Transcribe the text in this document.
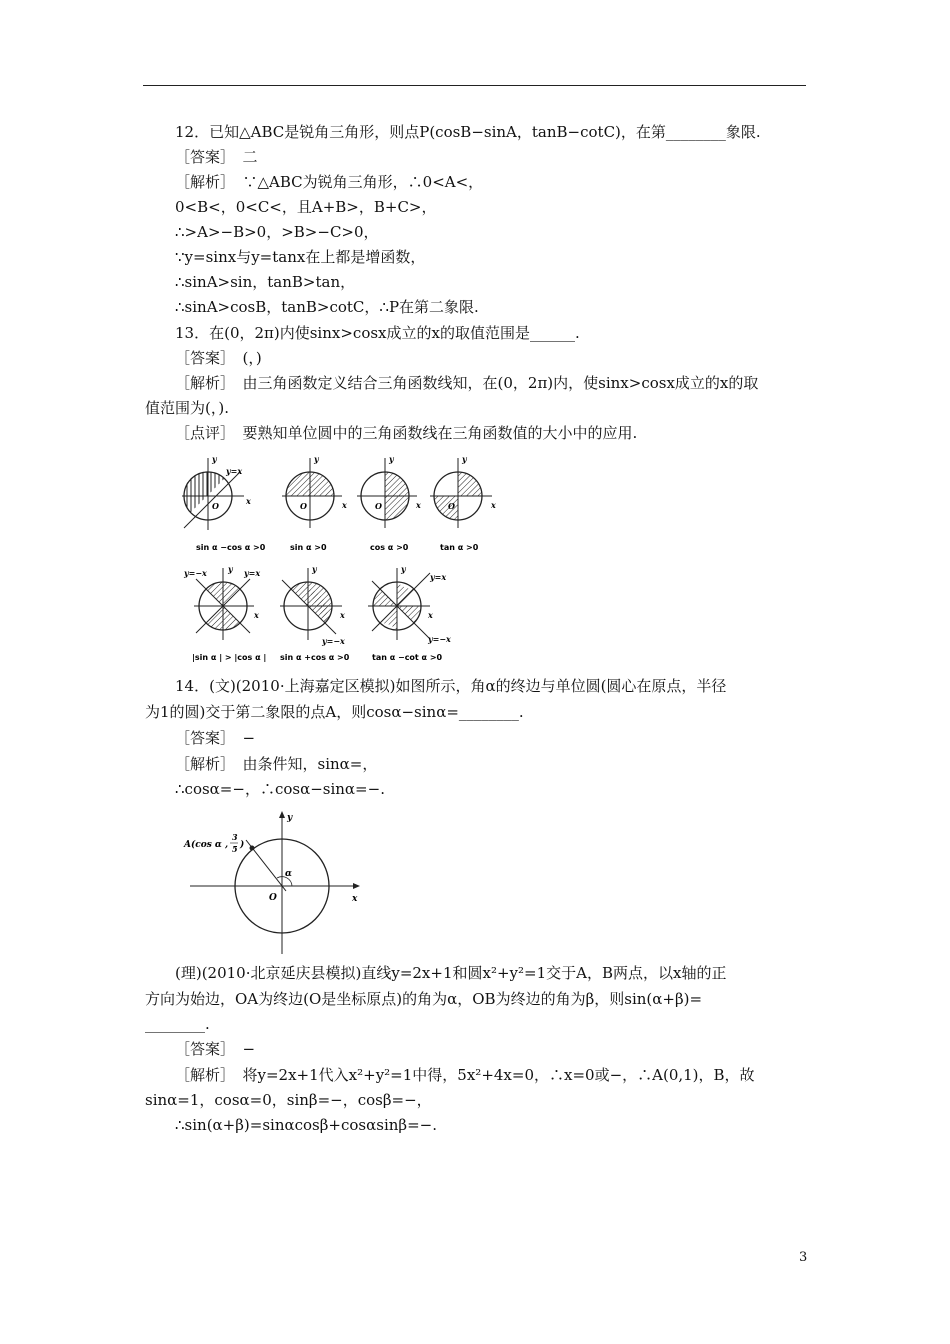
12．已知△ABC是锐角三角形，则点P(cosB−sinA，tanB−cotC)，在第________象限.
［答案］　二
［解析］　∵△ABC为锐角三角形，∴0<A<，
0<B<，0<C<，且A+B>，B+C>，
∴>A>−B>0，>B>−C>0，
∵y=sinx与y=tanx在上都是增函数，
∴sinA>sin，tanB>tan，
∴sinA>cosB，tanB>cotC，∴P在第二象限.
13．在(0，2π)内使sinx>cosx成立的x的取值范围是______.
［答案］　(，)
［解析］　由三角函数定义结合三角函数线知，在(0，2π)内，使sinx>cosx成立的x的取
值范围为(，).
［点评］　要熟知单位圆中的三角函数线在三角函数值的大小中的应用.
x
y
O
y=x
sin α −cos α >0
x
y
O
sin α >0
x
y
O
cos α >0
x
y
O
tan α >0
x
y
y=−x	y=x
|sin α | > |cos α |
x
y
y=−x
sin α +cos α >0
x
y
y=x
y=−x
tan α −cot α >0
14．(文)(2010·上海嘉定区模拟)如图所示，角α的终边与单位圆(圆心在原点，半径
为1的圆)交于第二象限的点A，则cosα−sinα=________.
［答案］　−
［解析］　由条件知，sinα=，
∴cosα=−，∴cosα−sinα=−.
A(cos α ,
3
5 )
α
x
y
O
(理)(2010·北京延庆县模拟)直线y=2x+1和圆x²+y²=1交于A，B两点，以x轴的正
方向为始边，OA为终边(O是坐标原点)的角为α，OB为终边的角为β，则sin(α+β)=
________.
［答案］　−
［解析］　将y=2x+1代入x²+y²=1中得，5x²+4x=0，∴x=0或−，∴A(0,1)，B，故
sinα=1，cosα=0，sinβ=−，cosβ=−，
∴sin(α+β)=sinαcosβ+cosαsinβ=−.
3
